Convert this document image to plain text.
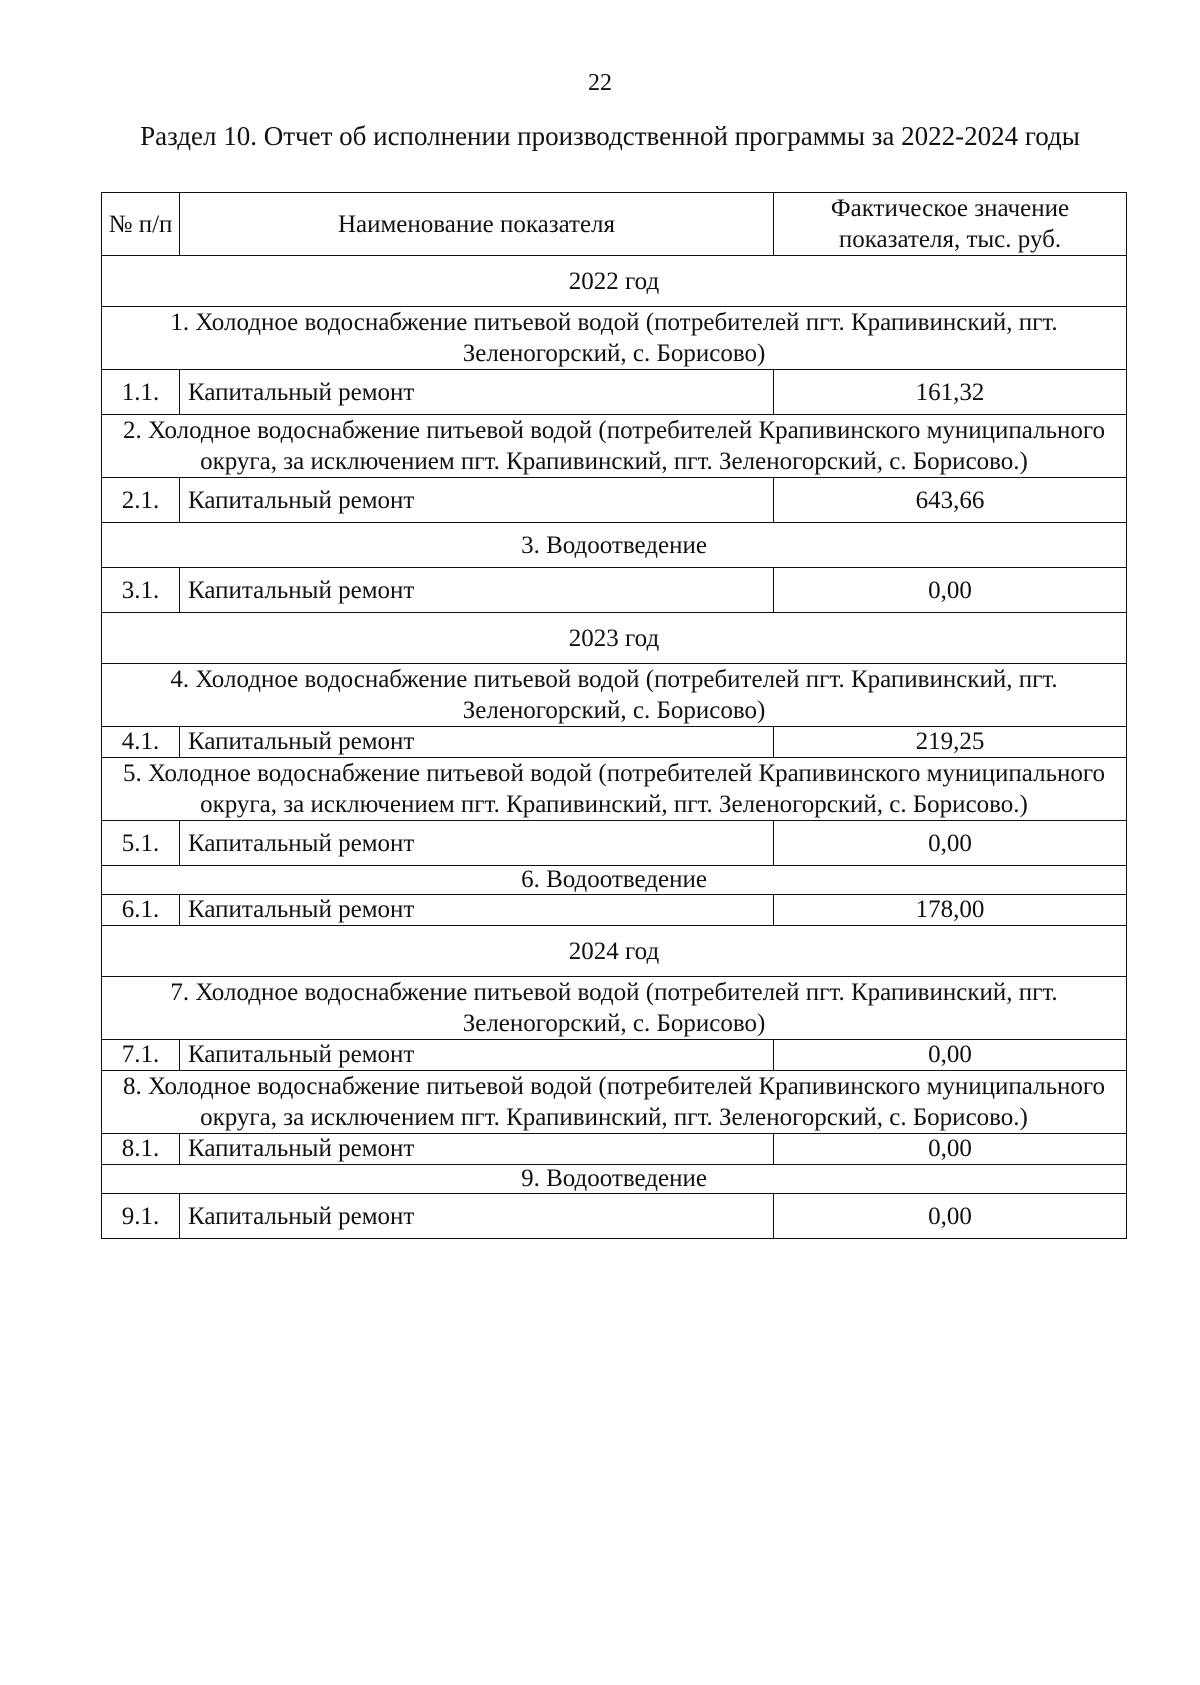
22
Раздел 10. Отчет об исполнении производственной программы за 2022-2024 годы
№ п/п	Наименование показателя	Фактическое значение показателя, тыс. руб.
2022 год		
1. Холодное водоснабжение питьевой водой (потребителей пгт. Крапивинский, пгт. Зеленогорский, с. Борисово)		
1.1.	Капитальный ремонт	161,32
2. Холодное водоснабжение питьевой водой (потребителей Крапивинского муниципального округа, за исключением пгт. Крапивинский, пгт. Зеленогорский, с. Борисово.)		
2.1.	Капитальный ремонт	643,66
3. Водоотведение		
3.1.	Капитальный ремонт	0,00
2023 год		
4. Холодное водоснабжение питьевой водой (потребителей пгт. Крапивинский, пгт. Зеленогорский, с. Борисово)		
4.1.	Капитальный ремонт	219,25
5. Холодное водоснабжение питьевой водой (потребителей Крапивинского муниципального округа, за исключением пгт. Крапивинский, пгт. Зеленогорский, с. Борисово.)		
5.1.	Капитальный ремонт	0,00
6. Водоотведение		
6.1.	Капитальный ремонт	178,00
2024 год		
7. Холодное водоснабжение питьевой водой (потребителей пгт. Крапивинский, пгт. Зеленогорский, с. Борисово)		
7.1.	Капитальный ремонт	0,00
8. Холодное водоснабжение питьевой водой (потребителей Крапивинского муниципального округа, за исключением пгт. Крапивинский, пгт. Зеленогорский, с. Борисово.)		
8.1.	Капитальный ремонт	0,00
9. Водоотведение		
9.1.	Капитальный ремонт	0,00
